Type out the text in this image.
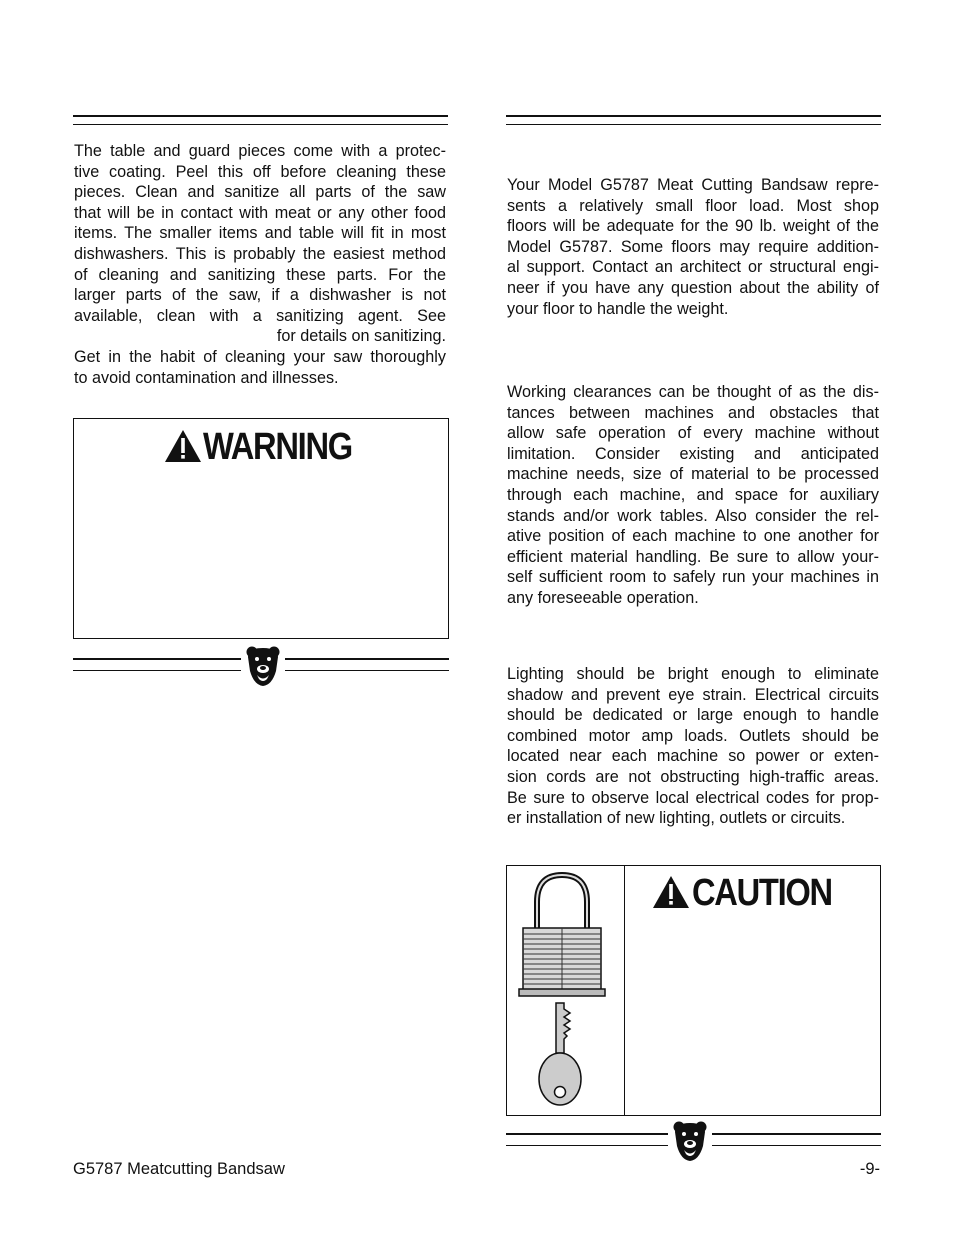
The table and guard pieces come with a protec-
tive coating. Peel this off before cleaning these
pieces. Clean and sanitize all parts of the saw
that will be in contact with meat or any other food
items. The smaller items and table will fit in most
dishwashers. This is probably the easiest method
of cleaning and sanitizing these parts. For the
larger parts of the saw, if a dishwasher is not
available, clean with a sanitizing agent. See
for details on sanitizing.
Get in the habit of cleaning your saw thoroughly
to avoid contamination and illnesses.
WARNING
Your Model G5787 Meat Cutting Bandsaw repre-
sents a relatively small floor load. Most shop
floors will be adequate for the 90 lb. weight of the
Model G5787. Some floors may require addition-
al support. Contact an architect or structural engi-
neer if you have any question about the ability of
your floor to handle the weight.
Working clearances can be thought of as the dis-
tances between machines and obstacles that
allow safe operation of every machine without
limitation. Consider existing and anticipated
machine needs, size of material to be processed
through each machine, and space for auxiliary
stands and/or work tables. Also consider the rel-
ative position of each machine to one another for
efficient material handling. Be sure to allow your-
self sufficient room to safely run your machines in
any foreseeable operation.
Lighting should be bright enough to eliminate
shadow and prevent eye strain. Electrical circuits
should be dedicated or large enough to handle
combined motor amp loads. Outlets should be
located near each machine so power or exten-
sion cords are not obstructing high-traffic areas.
Be sure to observe local electrical codes for prop-
er installation of new lighting, outlets or circuits.
CAUTION
G5787 Meatcutting Bandsaw	-9-
